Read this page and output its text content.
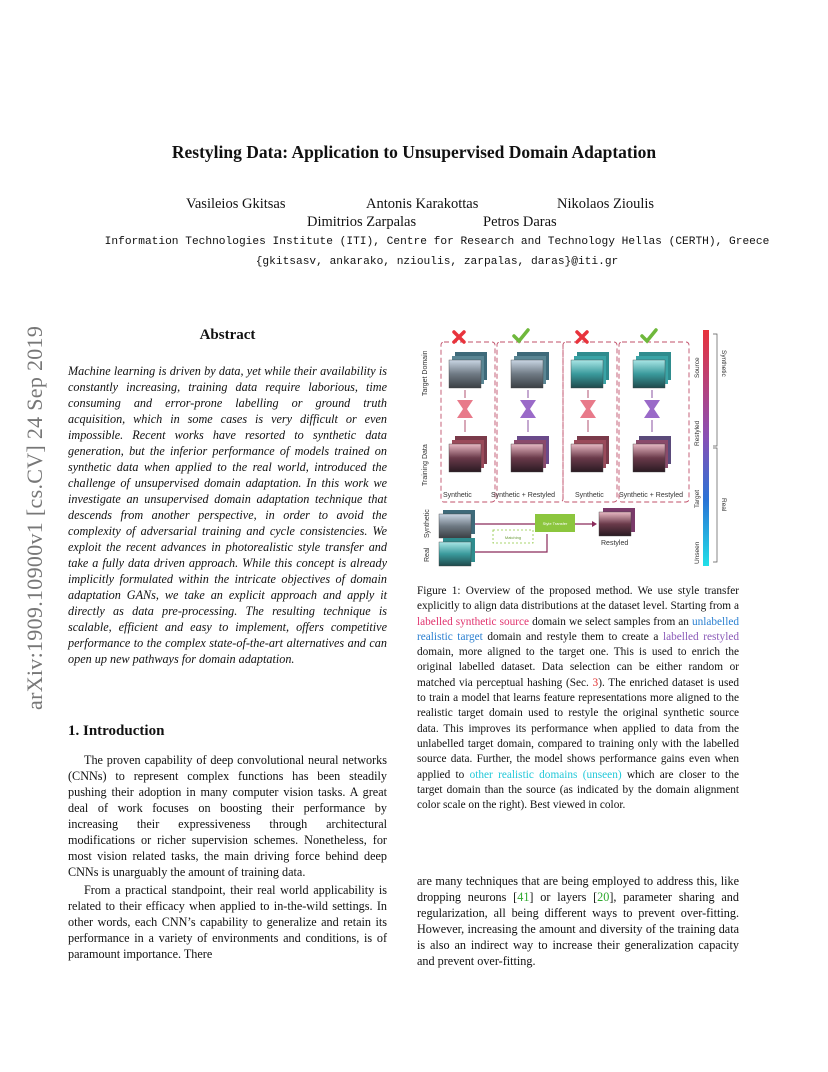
Restyling Data: Application to Unsupervised Domain Adaptation
Vasileios Gkitsas	Antonis Karakottas	Nikolaos Zioulis
Dimitrios Zarpalas	Petros Daras
Information Technologies Institute (ITI), Centre for Research and Technology Hellas (CERTH), Greece
{gkitsasv, ankarako, nzioulis, zarpalas, daras}@iti.gr
arXiv:1909.10900v1 [cs.CV] 24 Sep 2019	Abstract
Machine learning is driven by data, yet while their availability is constantly increasing, training data require laborious, time consuming and error-prone labelling or ground truth acquisition, which in some cases is very difficult or even impossible. Recent works have resorted to synthetic data generation, but the inferior performance of models trained on synthetic data when applied to the real world, introduced the challenge of unsupervised domain adaptation. In this work we investigate an unsupervised domain adaptation technique that descends from another perspective, in order to avoid the complexity of adversarial training and cycle consistencies. We exploit the recent advances in photorealistic style transfer and take a fully data driven approach. While this concept is already implicitly formulated within the intricate objectives of domain adaptation GANs, we take an explicit approach and apply it directly as data pre-processing. The resulting technique is scalable, efficient and easy to implement, offers competitive performance to the complex state-of-the-art alternatives and can open up new pathways for domain adaptation.
1. Introduction

The proven capability of deep convolutional neural networks (CNNs) to represent complex functions has been steadily pushing their adoption in many computer vision tasks. A great deal of work focuses on boosting their performance by increasing their expressiveness through architectural modifications or richer supervision schemes. Nonetheless, for most vision related tasks, the main driving force behind deep CNNs is unarguably the amount of training data.

From a practical standpoint, their real world applicability is related to their efficacy when applied to in-the-wild settings. In other words, each CNN’s capability to generalize and retain its performance in a variety of environments and conditions, is of paramount importance. There

are many techniques that are being employed to address this, like dropping neurons [41] or layers [20], parameter sharing and regularization, all being different ways to prevent over-fitting. However, increasing the amount and diversity of the training data is also an indirect way to increase their generalization capacity and prevent over-fitting.
Target Domain
Training Data
Synthetic	Synthetic + Restyled	Synthetic Synthetic + Restyled
Real
Synthetic	Style Transfer
Matching
Restyled
Source
Restyled
Target
Unseen
Synthetic
Real
Figure 1: Overview of the proposed method. We use style transfer explicitly to align data distributions at the dataset level. Starting from a labelled synthetic source domain we select samples from an unlabelled realistic target domain and restyle them to create a labelled restyled domain, more aligned to the target one. This is used to enrich the original labelled dataset. Data selection can be either random or matched via perceptual hashing (Sec. 3). The enriched dataset is used to train a model that learns feature representations more aligned to the realistic target domain used to restyle the original synthetic source data. This improves its performance when applied to data from the unlabelled target domain, compared to training only with the labelled source data. Further, the model shows performance gains even when applied to other realistic domains (unseen) which are closer to the target domain than the source (as indicated by the domain alignment color scale on the right). Best viewed in color.
